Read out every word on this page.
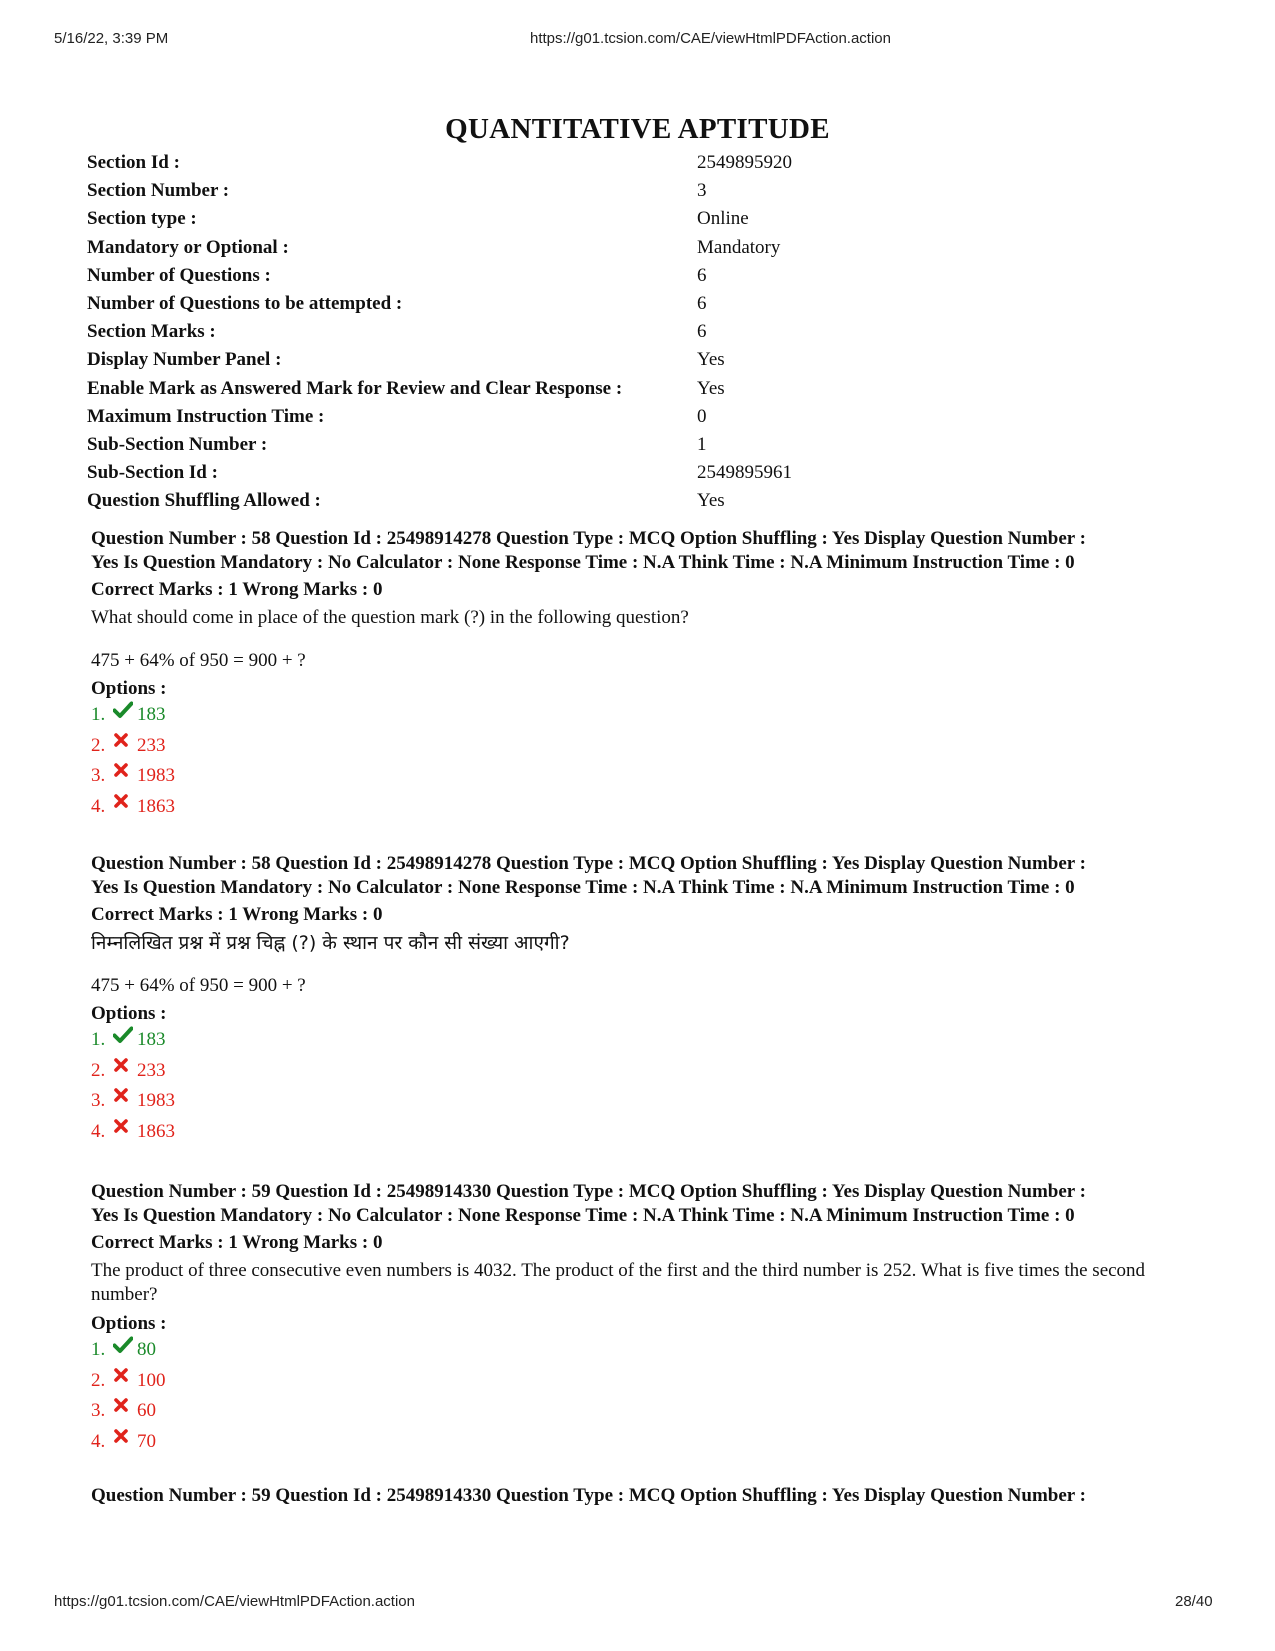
5/16/22, 3:39 PM	https://g01.tcsion.com/CAE/viewHtmlPDFAction.action
QUANTITATIVE APTITUDE
Section Id :	2549895920
Section Number :	3
Section type :	Online
Mandatory or Optional :	Mandatory
Number of Questions :	6
Number of Questions to be attempted :	6
Section Marks :	6
Display Number Panel :	Yes
Enable Mark as Answered Mark for Review and Clear Response :	Yes
Maximum Instruction Time :	0
Sub-Section Number :	1
Sub-Section Id :	2549895961
Question Shuffling Allowed :	Yes
Question Number : 58 Question Id : 25498914278 Question Type : MCQ Option Shuffling : Yes Display Question Number :
Yes Is Question Mandatory : No Calculator : None Response Time : N.A Think Time : N.A Minimum Instruction Time : 0
Correct Marks : 1 Wrong Marks : 0
What should come in place of the question mark (?) in the following question?
475 + 64% of 950 = 900 + ?
Options :
1.	183
2.	233
3.	1983
4.	1863
Question Number : 58 Question Id : 25498914278 Question Type : MCQ Option Shuffling : Yes Display Question Number :
Yes Is Question Mandatory : No Calculator : None Response Time : N.A Think Time : N.A Minimum Instruction Time : 0
Correct Marks : 1 Wrong Marks : 0
निम्नलिखित प्रश्न में प्रश्न चिह्न (?) के स्थान पर कौन सी संख्या आएगी?
475 + 64% of 950 = 900 + ?
Options :
1.	183
2.	233
3.	1983
4.	1863
Question Number : 59 Question Id : 25498914330 Question Type : MCQ Option Shuffling : Yes Display Question Number :
Yes Is Question Mandatory : No Calculator : None Response Time : N.A Think Time : N.A Minimum Instruction Time : 0
Correct Marks : 1 Wrong Marks : 0
The product of three consecutive even numbers is 4032. The product of the first and the third number is 252. What is five times the second number?
Options :
1.	80
2.	100
3.	60
4.	70
Question Number : 59 Question Id : 25498914330 Question Type : MCQ Option Shuffling : Yes Display Question Number :
https://g01.tcsion.com/CAE/viewHtmlPDFAction.action	28/40
